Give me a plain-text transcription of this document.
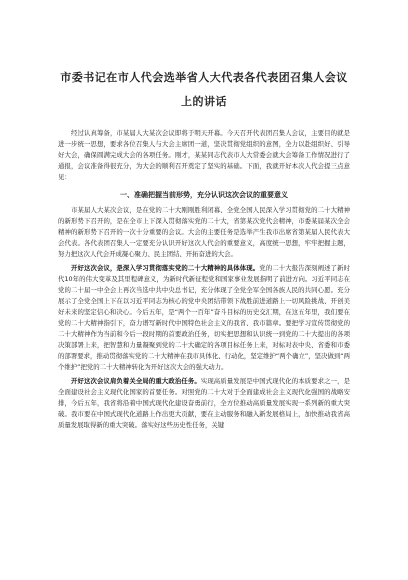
市委书记在市人代会选举省人大代表各代表团召集人会议
上的讲话

经过认真筹备，市某届人大某次会议即将于明天开幕。今天召开代表团召集人会议，主要目的就是进一步统一思想，要求各位召集人与大会主席团一道，坚决贯彻党组织的意图，全力以赴组织好、引导好大会，确保圆满完成大会的各项任务。刚才，某某同志代表市人大常委会就大会筹备工作情况进行了通报，会议准备得很充分，为大会的顺利召开奠定了坚实的基础。下面，我就开好本次人代会提三点意见：

一、准确把握当前形势，充分认识这次会议的重要意义

市某届人大某次会议，是在党的二十大刚刚胜利闭幕、全党全国人民深入学习贯彻党的二十大精神的新形势下召开的，是在全市上下深入贯彻落实党的二十大，省第某次党代会精神，市委某届某次全会精神的新形势下召开的一次十分重要的会议。大会的主要任务是选举产生我市出席省第某届人民代表大会代表。各代表团召集人一定要充分认识开好这次人代会的重要意义，高度统一思想，牢牢把握主题，努力把这次人代会开成凝心聚力、民主团结、开拓奋进的大会。

开好这次会议，是深入学习贯彻落实党的二十大精神的具体体现。党的二十大报告深刻阐述了新时代10年的伟大变革及其里程碑意义，为新时代新征程党和国家事业发展指明了前进方向。习近平同志在党的二十届一中全会上再次当选中共中央总书记，充分体现了全党全军全国各族人民的共同心愿。充分展示了全党全国上下在以习近平同志为核心的党中央团结带领下战胜前进道路上一切风险挑战、开创美好未来的坚定信心和决心。今后五年，是“两个一百年”奋斗目标的历史交汇期，在这五年里，我们要在党的二十大精神指引下，奋力谱写新时代中国特色社会主义的我省、我市篇章。要把学习宣传贯彻党的二十大精神作为当前和今后一段时期的首要政治任务，切实把思想和认识统一到党的二十大提出的各项决策部署上来，把智慧和力量凝聚到党的二十大确定的各项目标任务上来，对标对表中央、省委和市委的部署要求，推动贯彻落实党的二十大精神在我市具体化、行动化，坚定维护“两个确立”，坚决做到“两个维护”把党的二十大精神转化为开好这次大会的强大动力。

开好这次会议肩负着关全局的重大政治任务。实现高质量发展是中国式现代化的本质要求之一，是全面建设社会主义现代化国家的首要任务。对照党的二十大对于全面建成社会主义现代化强国的战略安排，今后五年，我省将沿着中国式现代化建设奋勇前行，全方位推动高质量发展实现一系列新的重大突破。我市要在中国式现代化道路上作出更大贡献，要在主动服务和融入新发展格局上，加快推动我省高质量发展取得新的重大突破。落实好这些历史性任务，关键
